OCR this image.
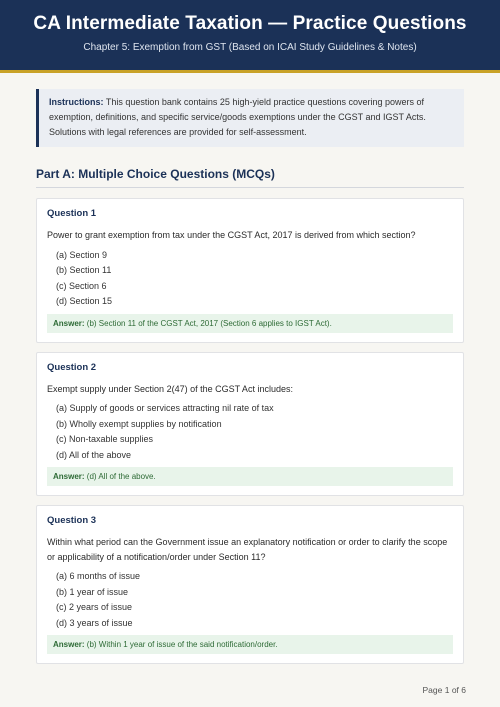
CA Intermediate Taxation — Practice Questions
Chapter 5: Exemption from GST (Based on ICAI Study Guidelines & Notes)
Instructions: This question bank contains 25 high-yield practice questions covering powers of exemption, definitions, and specific service/goods exemptions under the CGST and IGST Acts. Solutions with legal references are provided for self-assessment.
Part A: Multiple Choice Questions (MCQs)
Question 1
Power to grant exemption from tax under the CGST Act, 2017 is derived from which section?
(a) Section 9
(b) Section 11
(c) Section 6
(d) Section 15
Answer: (b) Section 11 of the CGST Act, 2017 (Section 6 applies to IGST Act).
Question 2
Exempt supply under Section 2(47) of the CGST Act includes:
(a) Supply of goods or services attracting nil rate of tax
(b) Wholly exempt supplies by notification
(c) Non-taxable supplies
(d) All of the above
Answer: (d) All of the above.
Question 3
Within what period can the Government issue an explanatory notification or order to clarify the scope or applicability of a notification/order under Section 11?
(a) 6 months of issue
(b) 1 year of issue
(c) 2 years of issue
(d) 3 years of issue
Answer: (b) Within 1 year of issue of the said notification/order.
Page 1 of 6
